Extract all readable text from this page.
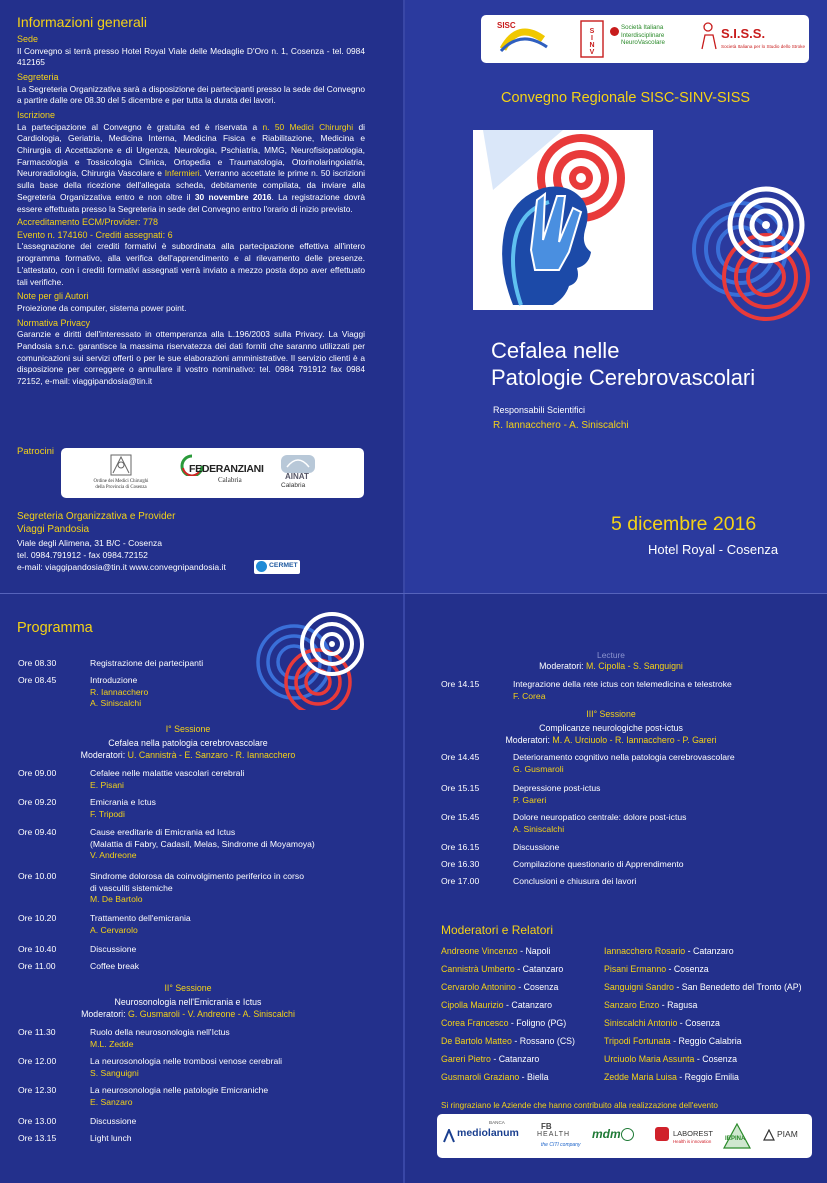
Informazioni generali
Sede
Il Convegno si terrà presso Hotel Royal Viale delle Medaglie D'Oro n. 1, Cosenza - tel. 0984 412165
Segreteria
La Segreteria Organizzativa sarà a disposizione dei partecipanti presso la sede del Convegno a partire dalle ore 08.30 del 5 dicembre e per tutta la durata dei lavori.
Iscrizione
La partecipazione al Convegno è gratuita ed è riservata a n. 50 Medici Chirurghi di Cardiologia, Geriatria, Medicina Interna, Medicina Fisica e Riabilitazione, Medicina e Chirurgia di Accettazione e di Urgenza, Neurologia, Pschiatria, MMG, Neurofisiopatologia, Farmacologia e Tossicologia Clinica, Ortopedia e Traumatologia, Otorinolaringoiatria, Neuroradiologia, Chirurgia Vascolare e Infermieri. Verranno accettate le prime n. 50 iscrizioni sulla base della ricezione dell'allegata scheda, debitamente compilata, da inviare alla Segreteria Organizzativa entro e non oltre il 30 novembre 2016. La registrazione dovrà essere effettuata presso la Segreteria in sede del Convegno entro l'orario di inizio previsto.
Accreditamento ECM/Provider: 778
Evento n. 174160 - Crediti assegnati: 6
L'assegnazione dei crediti formativi è subordinata alla partecipazione effettiva all'intero programma formativo, alla verifica dell'apprendimento e al rilevamento delle presenze. L'attestato, con i crediti formativi assegnati verrà inviato a mezzo posta dopo aver effettuato tali verifiche.
Note per gli Autori
Proiezione da computer, sistema power point.
Normativa Privacy
Garanzie e diritti dell'interessato in ottemperanza alla L.196/2003 sulla Privacy. La Viaggi Pandosia s.n.c. garantisce la massima riservatezza dei dati forniti che saranno utilizzati per comunicazioni sui servizi offerti o per le sue elaborazioni amministrative. Il servizio clienti è a disposizione per correggere o annullare il vostro nominativo: tel. 0984 791912 fax 0984 72152, e-mail: viaggipandosia@tin.it
Patrocini
Ordine dei Medici Chirurghi
della Provincia di Cosenza
FEDERANZIANI
Calabria	AINAT
Calabria
Segreteria Organizzativa e Provider
Viaggi Pandosia
Viale degli Alimena, 31 B/C - Cosenza
tel. 0984.791912 - fax 0984.72152
e-mail: viaggipandosia@tin.it www.convegnipandosia.it	CERMET
SISC
S
I
N
V
Società Italiana
Interdisciplinare
NeuroVascolare
S.I.S.S.
Società Italiana per lo Studio dello Stroke
Convegno Regionale SISC-SINV-SISS
Cefalea nelle
Patologie Cerebrovascolari
Responsabili Scientifici
R. Iannacchero - A. Siniscalchi
5 dicembre 2016
Hotel Royal - Cosenza
Programma
Ore 08.30	Registrazione dei partecipanti
Ore 08.45	Introduzione
R. Iannacchero
A. Siniscalchi
I° Sessione
Cefalea nella patologia cerebrovascolare
Moderatori: U. Cannistrà - E. Sanzaro - R. Iannacchero
Ore 09.00	Cefalee nelle malattie vascolari cerebrali
E. Pisani
Ore 09.20	Emicrania e Ictus
F. Tripodi
Ore 09.40	Cause ereditarie di Emicrania ed Ictus
(Malattia di Fabry, Cadasil, Melas, Sindrome di Moyamoya)
V. Andreone
Ore 10.00	Sindrome dolorosa da coinvolgimento periferico in corso
di vasculiti sistemiche
M. De Bartolo
Ore 10.20	Trattamento dell'emicrania
A. Cervarolo
Ore 10.40	Discussione
Ore 11.00	Coffee break
II° Sessione
Neurosonologia nell'Emicrania e Ictus
Moderatori: G. Gusmaroli - V. Andreone - A. Siniscalchi
Ore 11.30	Ruolo della neurosonologia nell'Ictus
M.L. Zedde
Ore 12.00	La neurosonologia nelle trombosi venose cerebrali
S. Sanguigni
Ore 12.30	La neurosonologia nelle patologie Emicraniche
E. Sanzaro
Ore 13.00	Discussione
Ore 13.15	Light lunch
Lecture
Moderatori: M. Cipolla - S. Sanguigni
Ore 14.15	Integrazione della rete ictus con telemedicina e telestroke
F. Corea
III° Sessione
Complicanze neurologiche post-ictus
Moderatori: M. A. Urciuolo - R. Iannacchero - P. Gareri
Ore 14.45	Deterioramento cognitivo nella patologia cerebrovascolare
G. Gusmaroli
Ore 15.15	Depressione post-ictus
P. Gareri
Ore 15.45	Dolore neuropatico centrale: dolore post-ictus
A. Siniscalchi
Ore 16.15	Discussione
Ore 16.30	Compilazione questionario di Apprendimento
Ore 17.00	Conclusioni e chiusura dei lavori
Moderatori e Relatori
Andreone Vincenzo - Napoli
Cannistrà Umberto - Catanzaro
Cervarolo Antonino - Cosenza
Cipolla Maurizio - Catanzaro
Corea Francesco - Foligno (PG)
De Bartolo Matteo - Rossano (CS)
Gareri Pietro - Catanzaro
Gusmaroli Graziano - Biella
Iannacchero Rosario - Catanzaro
Pisani Ermanno - Cosenza
Sanguigni Sandro - San Benedetto del Tronto (AP)
Sanzaro Enzo - Ragusa
Siniscalchi Antonio - Cosenza
Tripodi Fortunata - Reggio Calabria
Urciuolo Maria Assunta - Cosenza
Zedde Maria Luisa - Reggio Emilia
Si ringraziano le Aziende che hanno contribuito alla realizzazione dell'evento
mediolanum
BANCA	FB
HEALTH
the CITI company
mdm	LABOREST
Health is innovation IRPINA	PIAM
